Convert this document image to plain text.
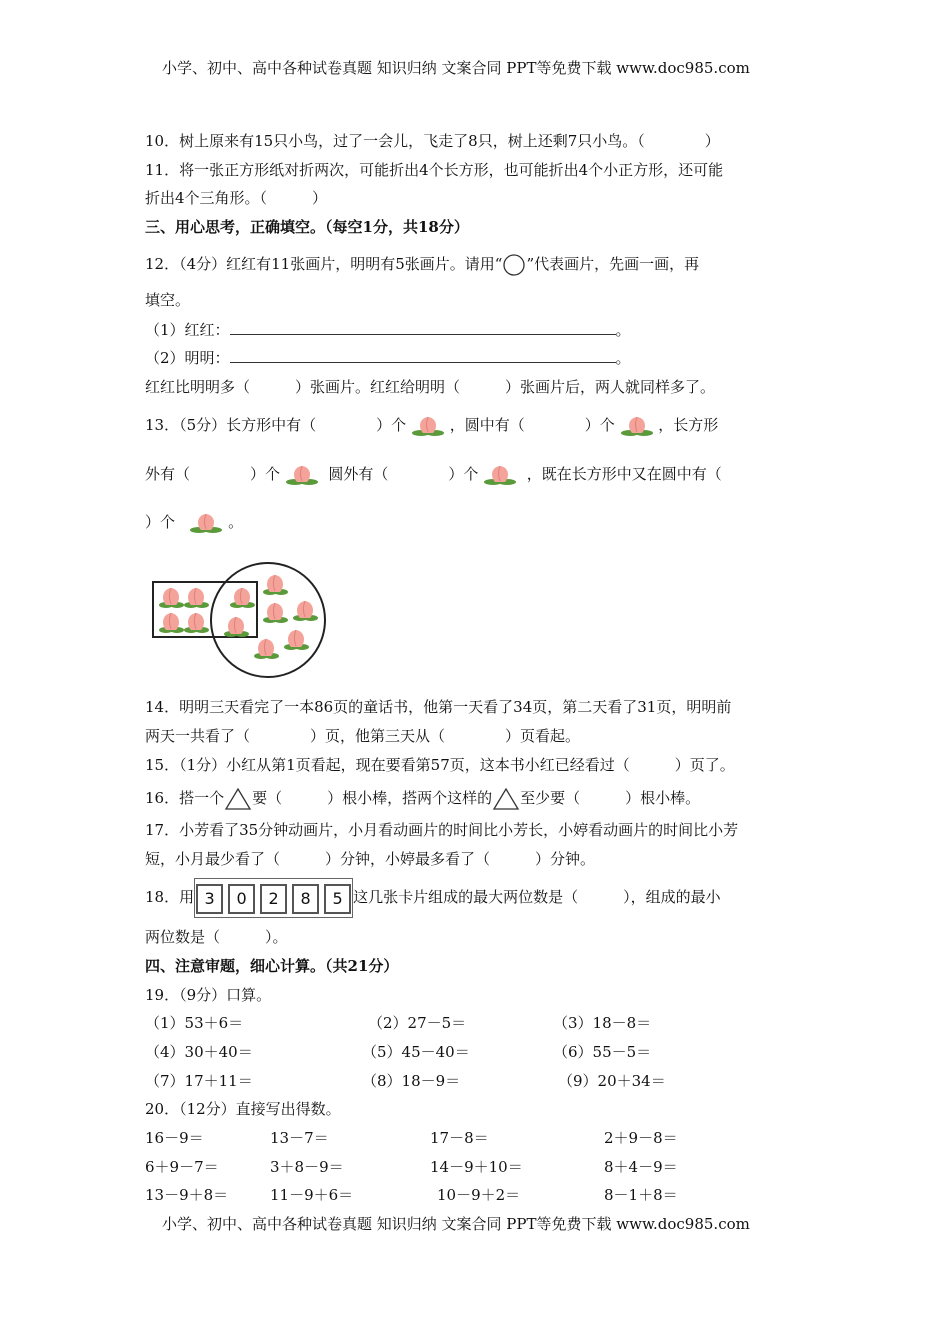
小学、初中、高中各种试卷真题 知识归纳 文案合同 PPT等免费下载 www.doc985.com
10．树上原来有15只小鸟，过了一会儿，飞走了8只，树上还剩7只小鸟。（　　　　）
11．将一张正方形纸对折两次，可能折出4个长方形，也可能折出4个小正方形，还可能
折出4个三角形。（　　　）
三、用心思考，正确填空。（每空1分，共18分）
12．（4分）红红有11张画片，明明有5张画片。请用“ ”代表画片，先画一画，再
填空。
（1）红红：	。
（2）明明：	。
红红比明明多（　　　）张画片。红红给明明（　　　）张画片后，两人就同样多了。
13．（5分）长方形中有（　　　　）个	，圆中有（　　　　）个	，长方形
外有（　　　　）个	圆外有（　　　　）个	，既在长方形中又在圆中有（
）个	。
14．明明三天看完了一本86页的童话书，他第一天看了34页，第二天看了31页，明明前
两天一共看了（　　　　）页，他第三天从（　　　　）页看起。
15．（1分）小红从第1页看起，现在要看第57页，这本书小红已经看过（　　　）页了。
16．搭一个 要（　　　）根小棒，搭两个这样的 至少要（　　　）根小棒。
17．小芳看了35分钟动画片，小月看动画片的时间比小芳长，小婷看动画片的时间比小芳
短，小月最少看了（　　　）分钟，小婷最多看了（　　　）分钟。
18．用 3 0 2 8 5 这几张卡片组成的最大两位数是（　　　），组成的最小
两位数是（　　　）。
四、注意审题，细心计算。（共21分）
19．（9分）口算。
（1）53＋6＝	（2）27－5＝	（3）18－8＝
（4）30＋40＝	（5）45－40＝	（6）55－5＝
（7）17＋11＝	（8）18－9＝	（9）20＋34＝
20．（12分）直接写出得数。
16－9＝	13－7＝	17－8＝	2＋9－8＝
6＋9－7＝	3＋8－9＝	14－9＋10＝	8＋4－9＝
13－9＋8＝	11－9＋6＝	10－9＋2＝	8－1＋8＝
小学、初中、高中各种试卷真题 知识归纳 文案合同 PPT等免费下载 www.doc985.com
